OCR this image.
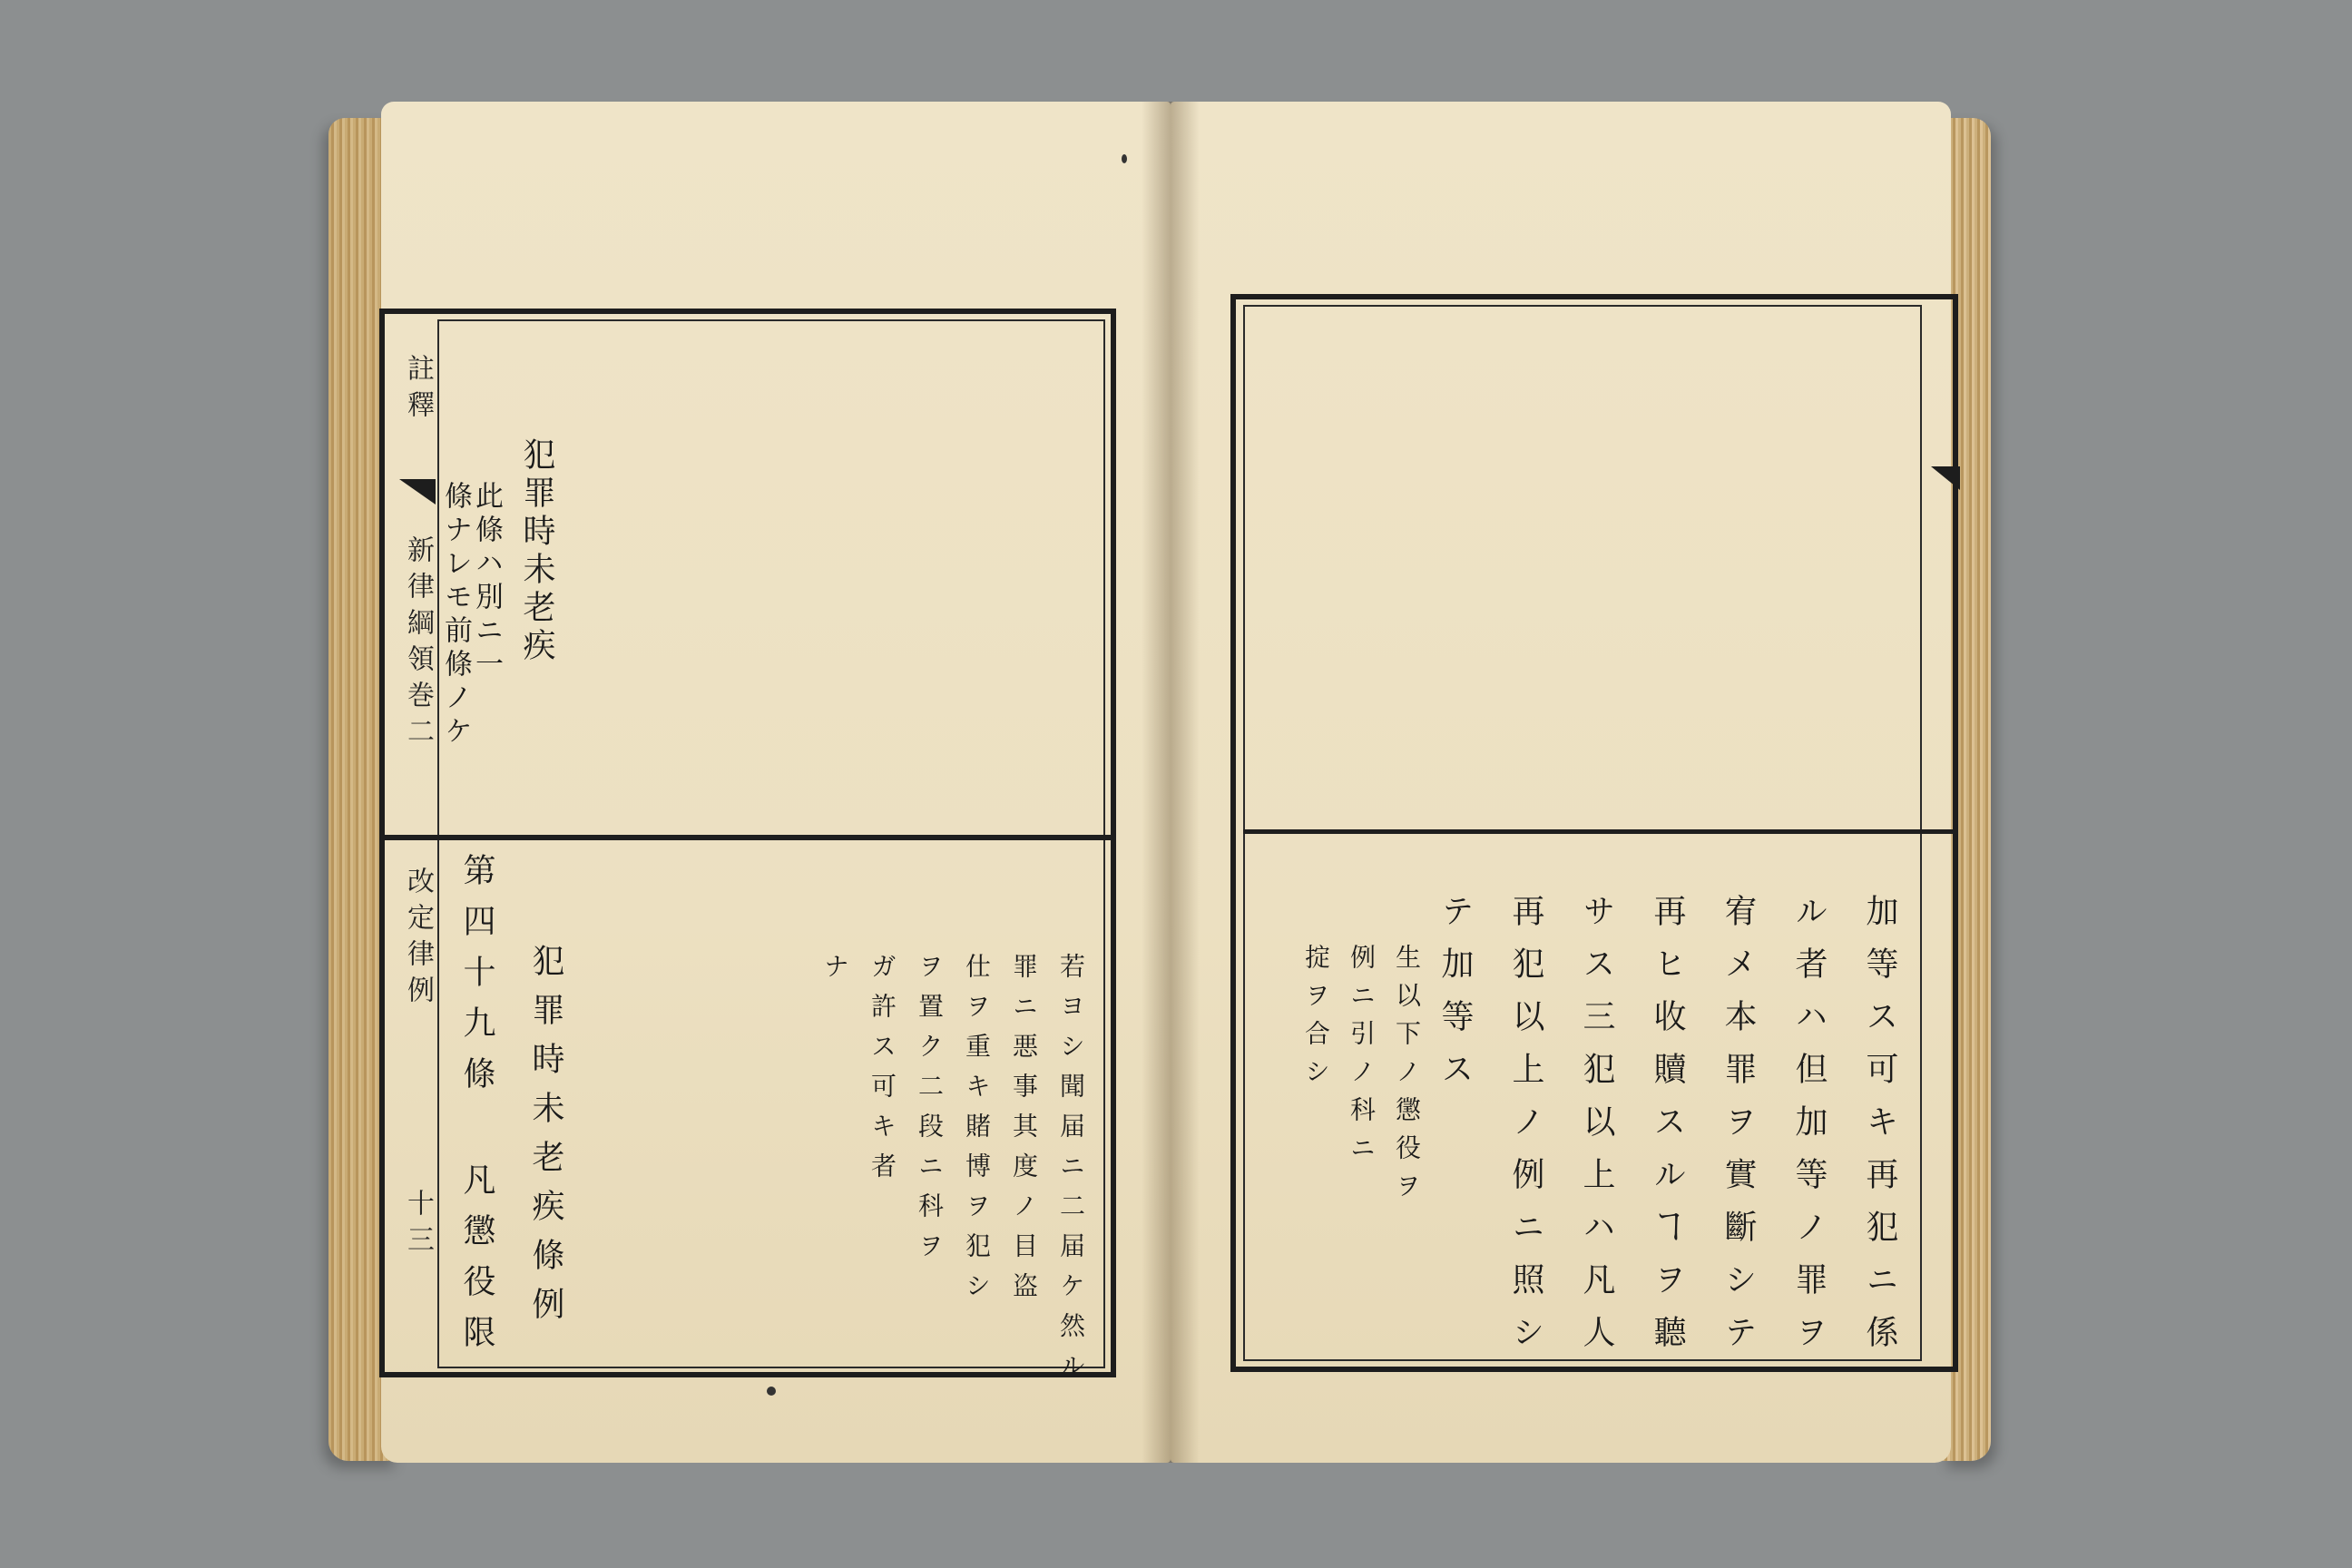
註釋
新律綱領巻二
改定律例
十三

犯罪時未老疾
此條ハ別ニ一
條ナレモ前條ノケ
第四十九條 凡懲役限 犯罪時未老疾條例	若ヨシ聞届ニ二届ケ然ル
罪ニ悪事其度ノ目盗
仕ヲ重キ賭博ヲ犯シ
ヲ置ク二段ニ科ヲ
ガ許ス可キ者
ナ	加等ス可キ再犯ニ係
ル者ハ但加等ノ罪ヲ
宥メ本罪ヲ實斷シテ
再ヒ收贖スルヿヲ聽
サス三犯以上ハ凡人
再犯以上ノ例ニ照シ
テ加等ス
生以下ノ懲役ヲ
例ニ引ノ科ニ
掟ヲ合シ
